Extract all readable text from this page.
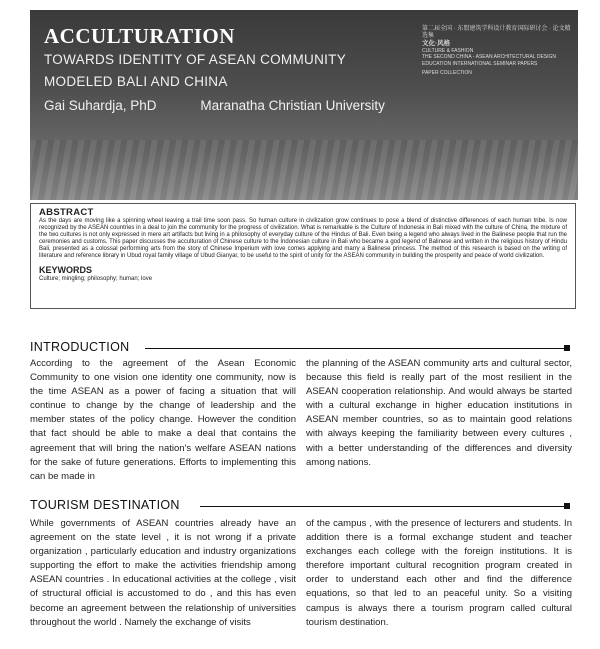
ACCULTURATION
TOWARDS IDENTITY OF ASEAN COMMUNITY
MODELED BALI AND CHINA
Gai Suhardja, PhD	Maranatha Christian University
第二届全国 · 东盟建筑学科设计教育国际研讨会 · 论文精选集
文化·风格
CULTURE & FASHION
THE SECOND CHINA - ASEAN ARCHITECTURAL DESIGN EDUCATION INTERNATIONAL SEMINAR PAPERS
PAPER COLLECTION
ABSTRACT
As the days are moving like a spinning wheel leaving a trail time soon pass. So human culture in civilization grow continues to pose a blend of distinctive differences of each human tribe. Is now recognized by the ASEAN countries in a deal to join the community for the progress of civilization. What is remarkable is the Culture of Indonesia in Bali mixed with the culture of China, the mixture of the two cultures is not only expressed in mere art artifacts but living in a philosophy of everyday culture of the Hindus of Bali. Even being a legend who always lived in the Balinese people that run the ceremonies and customs. This paper discusses the acculturation of Chinese culture to the Indonesian culture in Bali who became a god legend of Balinese and written in the religious history of Hindu Bali, presented as a colossal performing arts from the story of Chinese Imperium with love comes applying and marry a Balinese princess. The method of this research is based on the writing of literature and reference library in Ubud royal family village of Ubud Gianyar, to be useful to the spirit of unity for the ASEAN community in building the prosperity and peace of world civilization.
KEYWORDS
Culture; mingling; philosophy; human; love
INTRODUCTION
According to the agreement of the Asean Economic Community to one vision one identity one community, now is the time ASEAN as a power of facing a situation that will continue to change by the change of leadership and the member states of the policy change. However the condition that fact should be able to make a deal that contains the agreement that will bring the nation's welfare ASEAN nations for the sake of future generations. Efforts to implementing this can be made in
the planning of the ASEAN community arts and cultural sector, because this field is really part of the most resilient in the ASEAN cooperation relationship. And would always be started with a cultural exchange in higher education institutions in ASEAN member countries, so as to maintain good relations with always keeping the familiarity between every cultures , with a better understanding of the differences and diversity among nations.
TOURISM DESTINATION
While governments of ASEAN countries already have an agreement on the state level , it is not wrong if a private organization , particularly education and industry organizations supporting the effort to make the activities friendship among ASEAN countries . In educational activities at the college , visit of structural official is accustomed to do , and this has even become an agreement between the relationship of universities throughout the world . Namely the exchange of visits
of the campus , with the presence of lecturers and students. In addition there is a formal exchange student and teacher exchanges each college with the foreign institutions. It is therefore important cultural recognition program created in order to understand each other and find the difference equations, so that led to an peaceful unity. So a visiting campus is always there a tourism program called cultural tourism destination.
